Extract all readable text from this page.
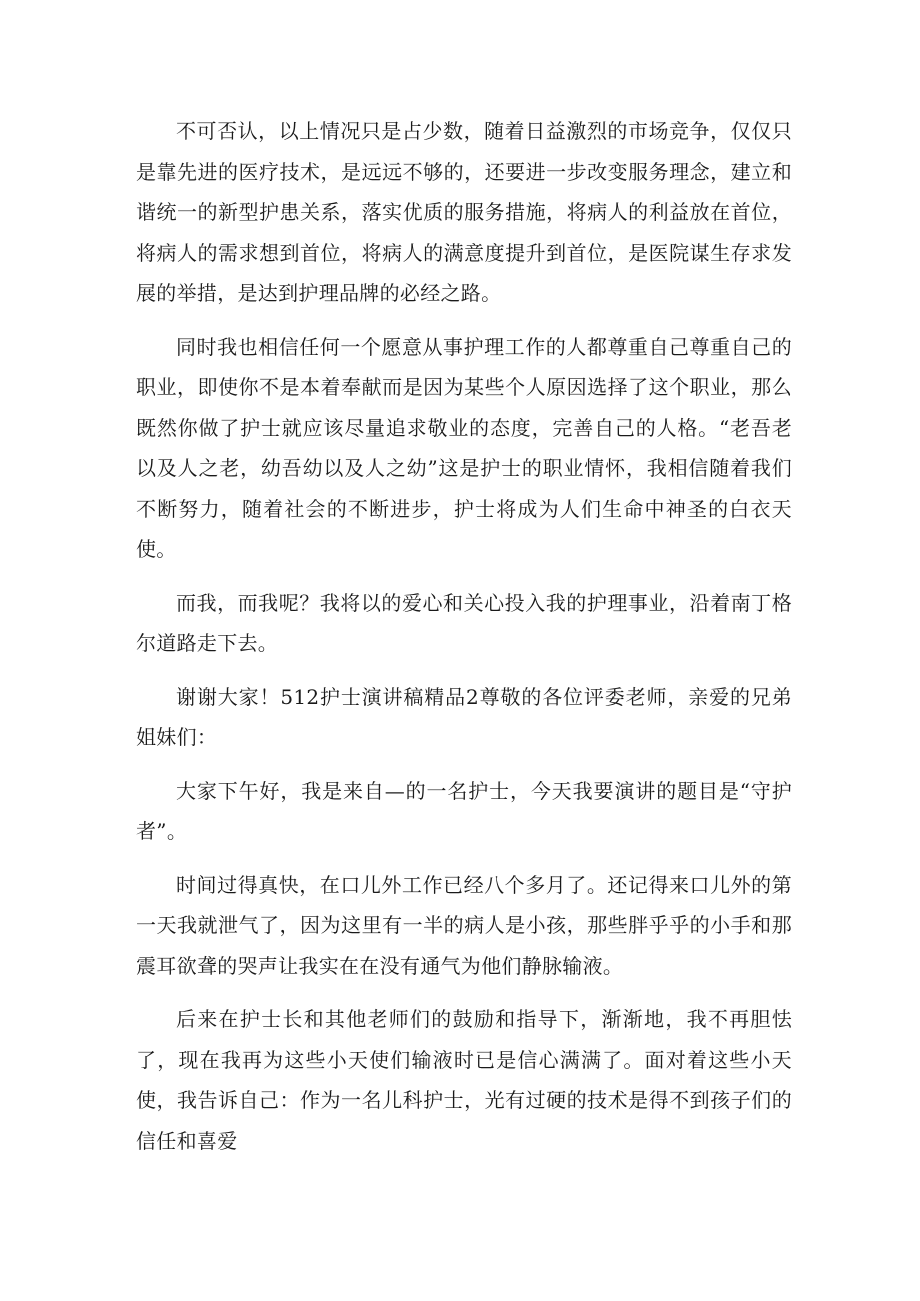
不可否认，以上情况只是占少数，随着日益激烈的市场竞争，仅仅只是靠先进的医疗技术，是远远不够的，还要进一步改变服务理念，建立和谐统一的新型护患关系，落实优质的服务措施，将病人的利益放在首位，将病人的需求想到首位，将病人的满意度提升到首位，是医院谋生存求发展的举措，是达到护理品牌的必经之路。

同时我也相信任何一个愿意从事护理工作的人都尊重自己尊重自己的职业，即使你不是本着奉献而是因为某些个人原因选择了这个职业，那么既然你做了护士就应该尽量追求敬业的态度，完善自己的人格。“老吾老以及人之老，幼吾幼以及人之幼”这是护士的职业情怀，我相信随着我们不断努力，随着社会的不断进步，护士将成为人们生命中神圣的白衣天使。

而我，而我呢？我将以的爱心和关心投入我的护理事业，沿着南丁格尔道路走下去。

谢谢大家！512护士演讲稿精品2尊敬的各位评委老师，亲爱的兄弟姐妹们：

大家下午好，我是来自—的一名护士，今天我要演讲的题目是“守护者”。

时间过得真快，在口儿外工作已经八个多月了。还记得来口儿外的第一天我就泄气了，因为这里有一半的病人是小孩，那些胖乎乎的小手和那震耳欲聋的哭声让我实在在没有通气为他们静脉输液。

后来在护士长和其他老师们的鼓励和指导下，渐渐地，我不再胆怯了，现在我再为这些小天使们输液时已是信心满满了。面对着这些小天使，我告诉自己：作为一名儿科护士，光有过硬的技术是得不到孩子们的信任和喜爱
